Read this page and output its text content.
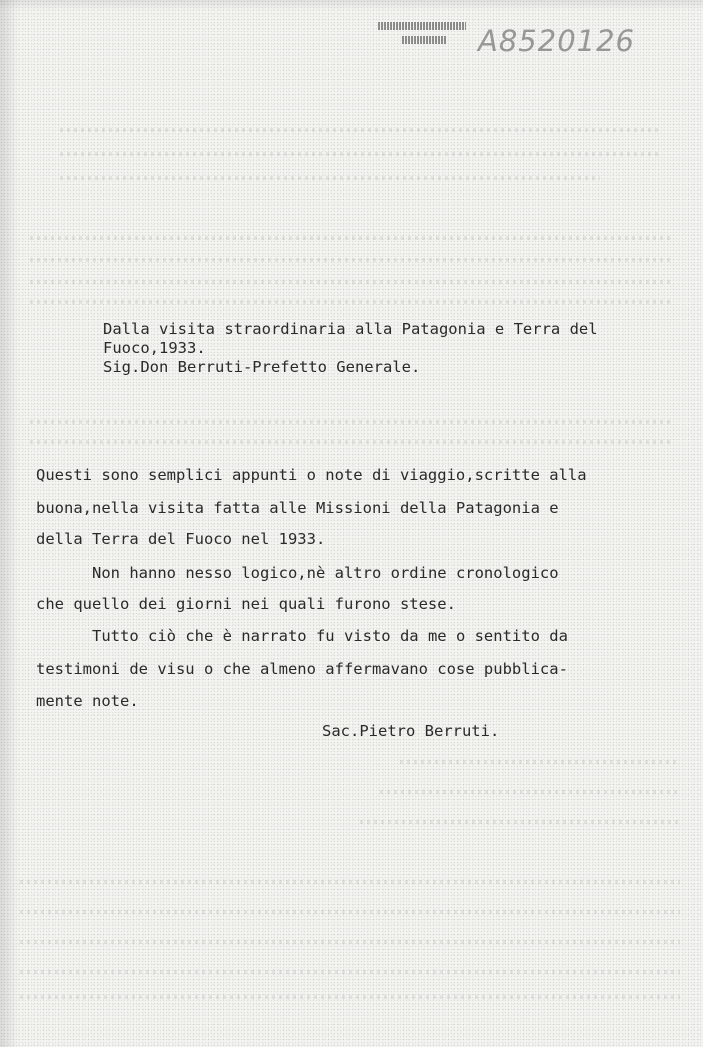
A8520126
Dalla visita straordinaria alla Patagonia e Terra del
Fuoco,1933.
Sig.Don Berruti-Prefetto Generale.
Questi sono semplici appunti o note di viaggio,scritte alla
buona,nella visita fatta alle Missioni della Patagonia e
della Terra del Fuoco nel 1933.
Non hanno nesso logico,nè altro ordine cronologico
che quello dei giorni nei quali furono stese.
Tutto ciò che è narrato fu visto da me o sentito da
testimoni de visu o che almeno affermavano cose pubblica-
mente note.
Sac.Pietro Berruti.
